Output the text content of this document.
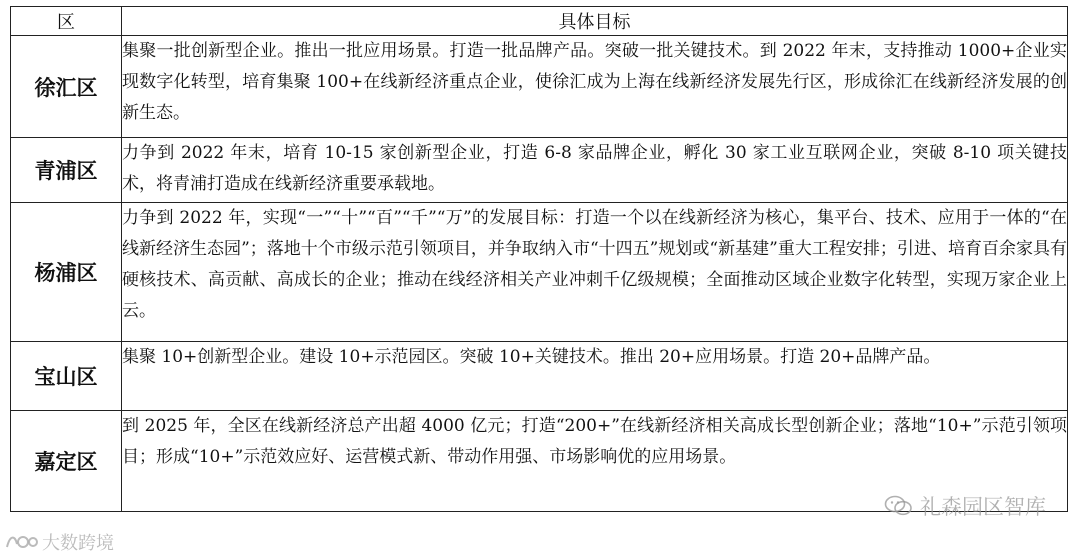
区	具体目标
徐汇区	集聚一批创新型企业。推出一批应用场景。打造一批品牌产品。突破一批关键技术。到 2022 年末，支持推动 1000+企业实现数字化转型，培育集聚 100+在线新经济重点企业，使徐汇成为上海在线新经济发展先行区，形成徐汇在线新经济发展的创新生态。
青浦区	力争到 2022 年末，培育 10-15 家创新型企业，打造 6-8 家品牌企业，孵化 30 家工业互联网企业，突破 8-10 项关键技术，将青浦打造成在线新经济重要承载地。
杨浦区	力争到 2022 年，实现“一”“十”“百”“千”“万”的发展目标：打造一个以在线新经济为核心，集平台、技术、应用于一体的“在线新经济生态园”；落地十个市级示范引领项目，并争取纳入市“十四五”规划或“新基建”重大工程安排；引进、培育百余家具有硬核技术、高贡献、高成长的企业；推动在线经济相关产业冲刺千亿级规模；全面推动区域企业数字化转型，实现万家企业上云。
宝山区	集聚 10+创新型企业。建设 10+示范园区。突破 10+关键技术。推出 20+应用场景。打造 20+品牌产品。
嘉定区	到 2025 年，全区在线新经济总产出超 4000 亿元；打造“200+”在线新经济相关高成长型创新企业；落地“10+”示范引领项目；形成“10+”示范效应好、运营模式新、带动作用强、市场影响优的应用场景。
礼森园区智库
大数跨境
